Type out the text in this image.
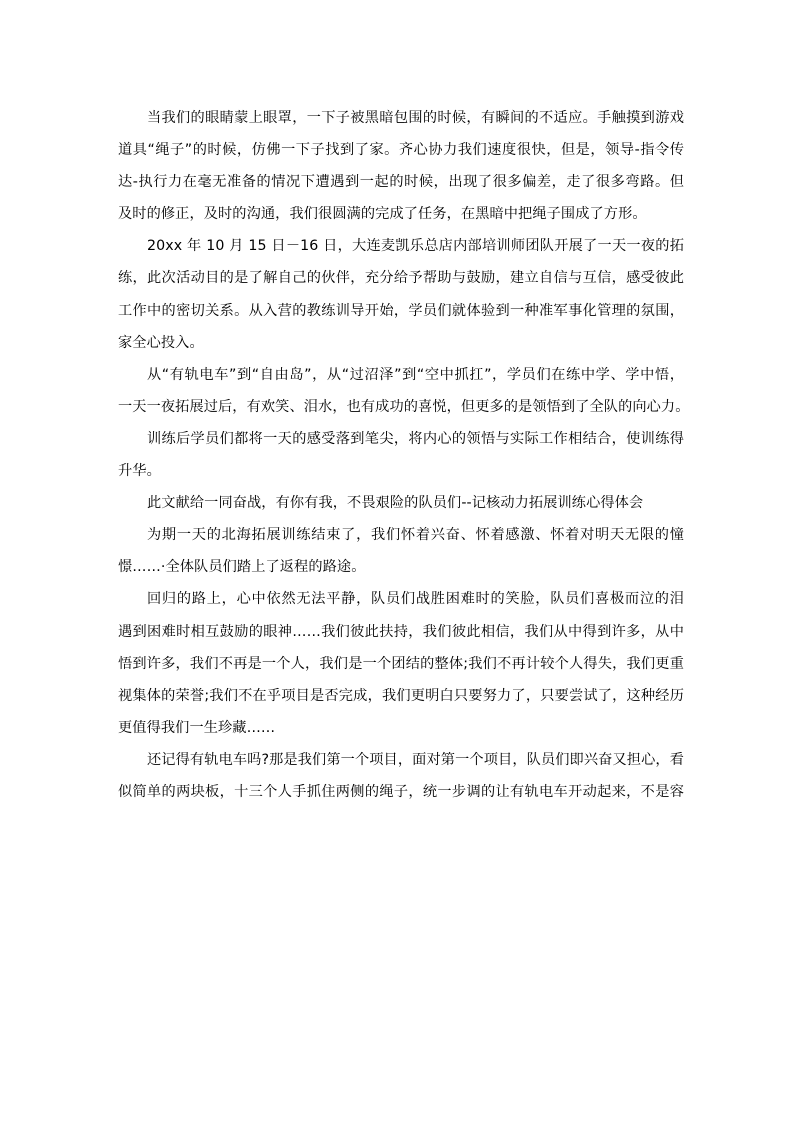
当我们的眼睛蒙上眼罩，一下子被黑暗包围的时候，有瞬间的不适应。手触摸到游戏
道具“绳子”的时候，仿佛一下子找到了家。齐心协力我们速度很快，但是，领导-指令传
达-执行力在毫无准备的情况下遭遇到一起的时候，出现了很多偏差，走了很多弯路。但
及时的修正，及时的沟通，我们很圆满的完成了任务，在黑暗中把绳子围成了方形。
20xx 年 10 月 15 日－16 日，大连麦凯乐总店内部培训师团队开展了一天一夜的拓
练，此次活动目的是了解自己的伙伴，充分给予帮助与鼓励，建立自信与互信，感受彼此
工作中的密切关系。从入营的教练训导开始，学员们就体验到一种准军事化管理的氛围，
家全心投入。
从“有轨电车”到“自由岛”，从“过沼泽”到“空中抓扛”，学员们在练中学、学中悟，
一天一夜拓展过后，有欢笑、泪水，也有成功的喜悦，但更多的是领悟到了全队的向心力。
训练后学员们都将一天的感受落到笔尖，将内心的领悟与实际工作相结合，使训练得
升华。
此文献给一同奋战，有你有我，不畏艰险的队员们--记核动力拓展训练心得体会
为期一天的北海拓展训练结束了，我们怀着兴奋、怀着感激、怀着对明天无限的憧
憬……·全体队员们踏上了返程的路途。
回归的路上，心中依然无法平静，队员们战胜困难时的笑脸，队员们喜极而泣的泪
遇到困难时相互鼓励的眼神……我们彼此扶持，我们彼此相信，我们从中得到许多，从中
悟到许多，我们不再是一个人，我们是一个团结的整体;我们不再计较个人得失，我们更重
视集体的荣誉;我们不在乎项目是否完成，我们更明白只要努力了，只要尝试了，这种经历
更值得我们一生珍藏……
还记得有轨电车吗?那是我们第一个项目，面对第一个项目，队员们即兴奋又担心，看
似简单的两块板，十三个人手抓住两侧的绳子，统一步调的让有轨电车开动起来，不是容
